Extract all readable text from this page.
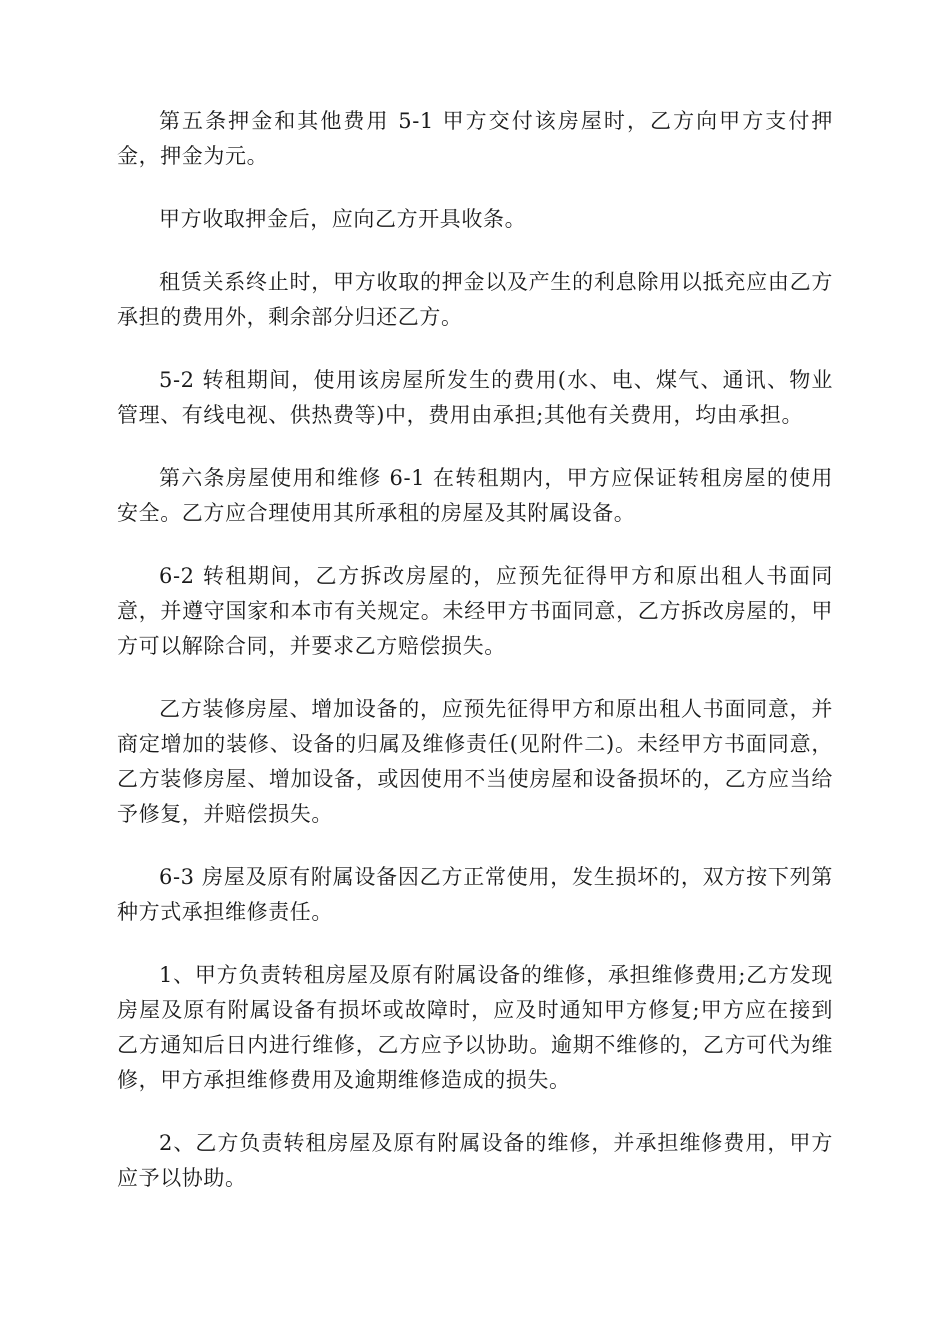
第五条押金和其他费用 5-1 甲方交付该房屋时，乙方向甲方支付押金，押金为元。

甲方收取押金后，应向乙方开具收条。

租赁关系终止时，甲方收取的押金以及产生的利息除用以抵充应由乙方承担的费用外，剩余部分归还乙方。

5-2 转租期间，使用该房屋所发生的费用(水、电、煤气、通讯、物业管理、有线电视、供热费等)中，费用由承担;其他有关费用，均由承担。

第六条房屋使用和维修 6-1 在转租期内，甲方应保证转租房屋的使用安全。乙方应合理使用其所承租的房屋及其附属设备。

6-2 转租期间，乙方拆改房屋的，应预先征得甲方和原出租人书面同意，并遵守国家和本市有关规定。未经甲方书面同意，乙方拆改房屋的，甲方可以解除合同，并要求乙方赔偿损失。

乙方装修房屋、增加设备的，应预先征得甲方和原出租人书面同意，并商定增加的装修、设备的归属及维修责任(见附件二)。未经甲方书面同意，乙方装修房屋、增加设备，或因使用不当使房屋和设备损坏的，乙方应当给予修复，并赔偿损失。

6-3 房屋及原有附属设备因乙方正常使用，发生损坏的，双方按下列第种方式承担维修责任。

1、甲方负责转租房屋及原有附属设备的维修，承担维修费用;乙方发现房屋及原有附属设备有损坏或故障时，应及时通知甲方修复;甲方应在接到乙方通知后日内进行维修，乙方应予以协助。逾期不维修的，乙方可代为维修，甲方承担维修费用及逾期维修造成的损失。

2、乙方负责转租房屋及原有附属设备的维修，并承担维修费用，甲方应予以协助。
